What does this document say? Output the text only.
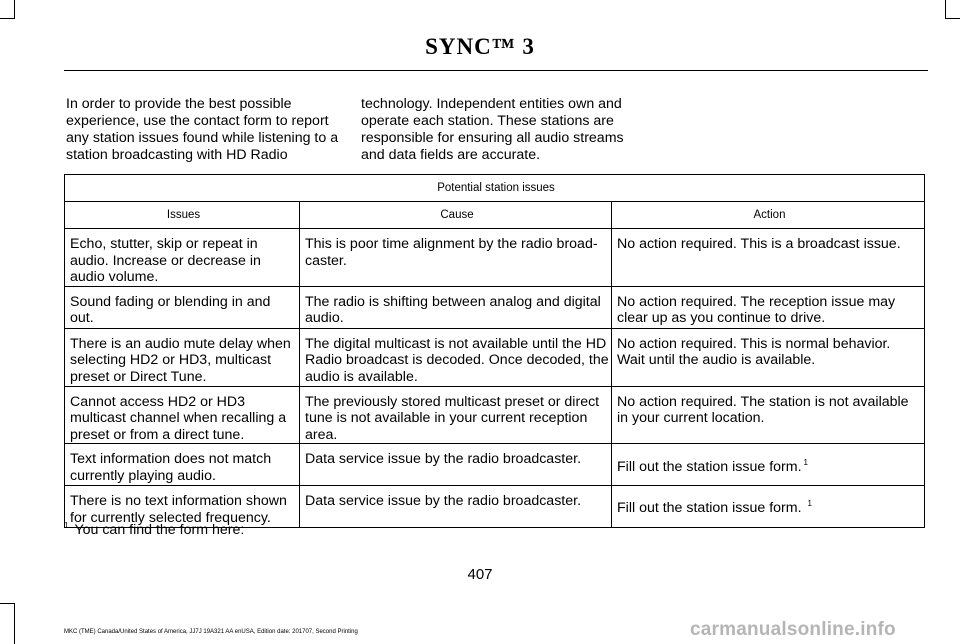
SYNC™ 3
In order to provide the best possible experience, use the contact form to report any station issues found while listening to a station broadcasting with HD Radio
technology. Independent entities own and operate each station. These stations are responsible for ensuring all audio streams and data fields are accurate.
Potential station issues		
Issues	Cause	Action
Echo, stutter, skip or repeat in audio. Increase or decrease in audio volume.	This is poor time alignment by the radio broad-caster.	No action required. This is a broadcast issue.
Sound fading or blending in and out.	The radio is shifting between analog and digital audio.	No action required. The reception issue may clear up as you continue to drive.
There is an audio mute delay when selecting HD2 or HD3, multicast preset or Direct Tune.	The digital multicast is not available until the HD Radio broadcast is decoded. Once decoded, the audio is available.	No action required. This is normal behavior. Wait until the audio is available.
Cannot access HD2 or HD3 multicast channel when recalling a preset or from a direct tune.	The previously stored multicast preset or direct tune is not available in your current reception area.	No action required. The station is not available in your current location.
Text information does not match currently playing audio.	Data service issue by the radio broadcaster.	Fill out the station issue form. $^1$
There is no text information shown for currently selected frequency.	Data service issue by the radio broadcaster.	Fill out the station issue form. $^1$
$^1$ You can find the form here:
407
MKC (TME) Canada/United States of America, JJ7J 19A321 AA enUSA, Edition date: 201707, Second Printing	carmanualsonline.info
